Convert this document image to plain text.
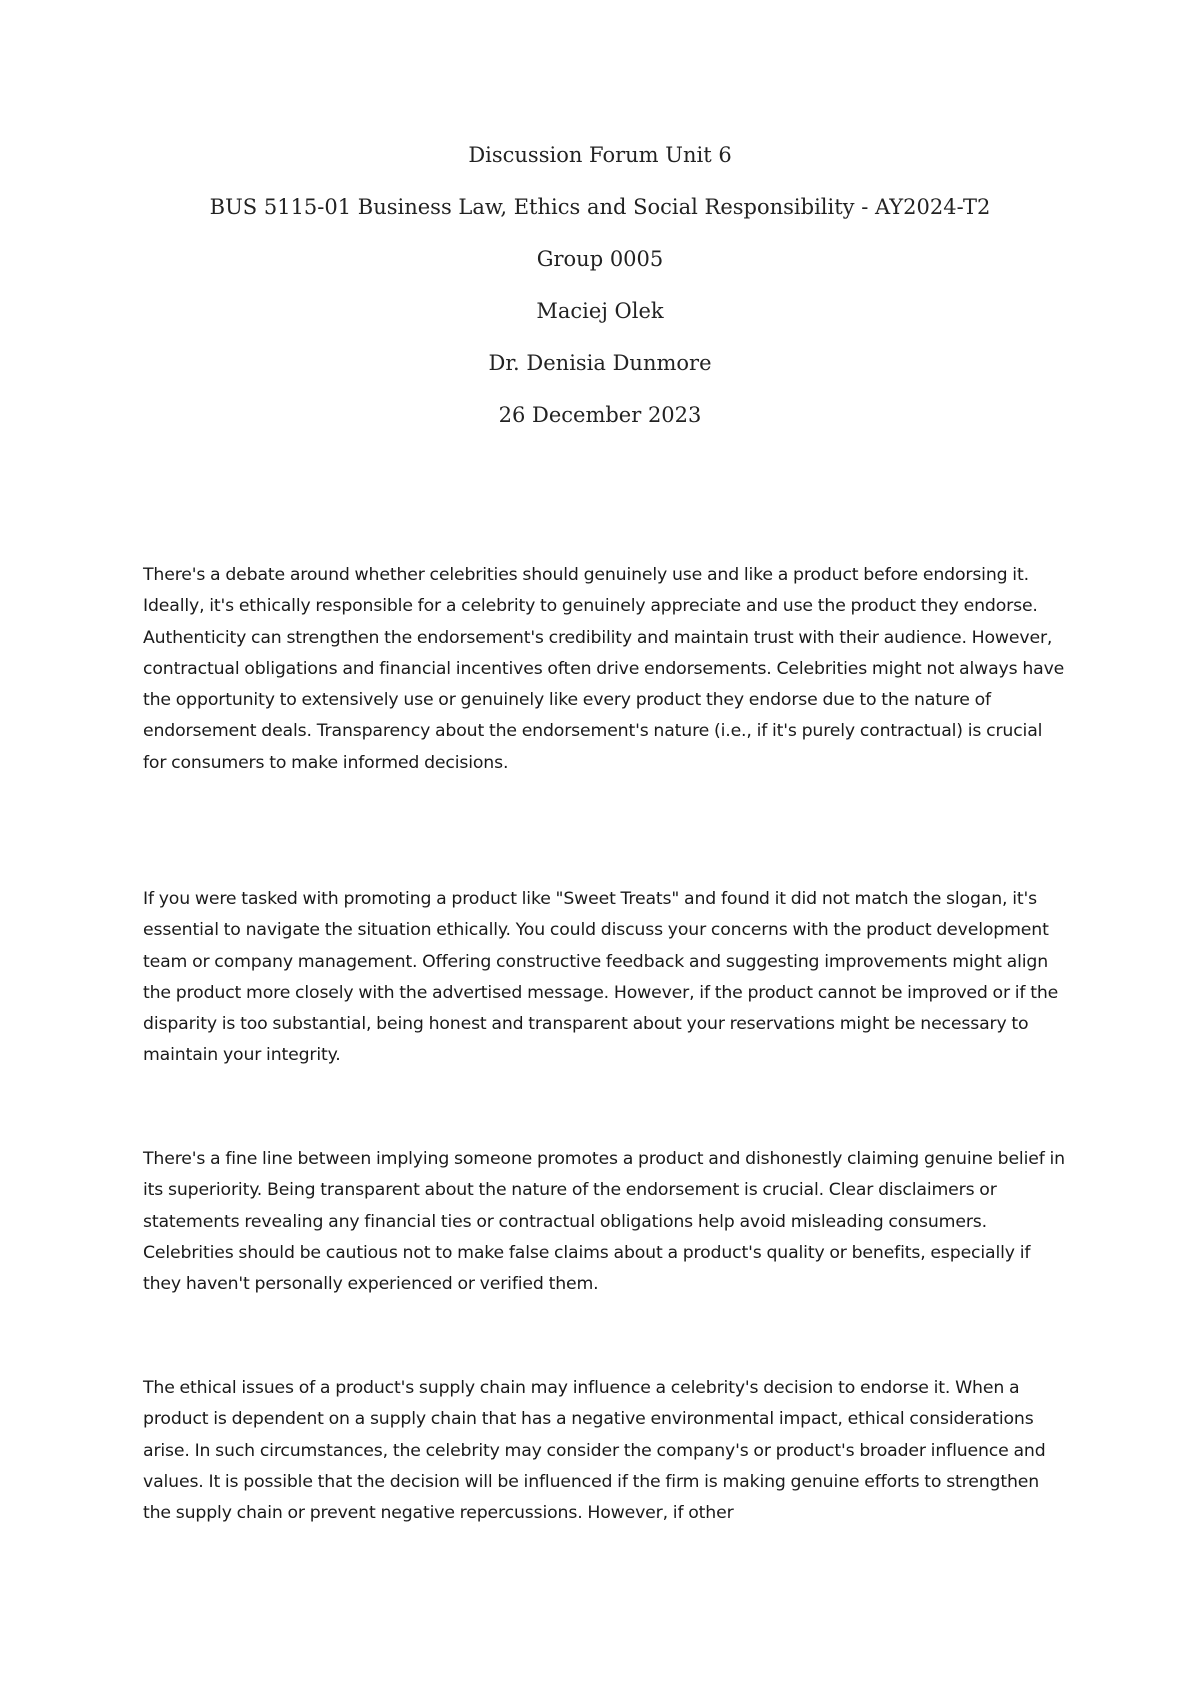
Discussion Forum Unit 6

BUS 5115-01 Business Law, Ethics and Social Responsibility - AY2024-T2

Group 0005

Maciej Olek

Dr. Denisia Dunmore

26 December 2023

There's a debate around whether celebrities should genuinely use and like a product before endorsing it. Ideally, it's ethically responsible for a celebrity to genuinely appreciate and use the product they endorse. Authenticity can strengthen the endorsement's credibility and maintain trust with their audience. However, contractual obligations and financial incentives often drive endorsements. Celebrities might not always have the opportunity to extensively use or genuinely like every product they endorse due to the nature of endorsement deals. Transparency about the endorsement's nature (i.e., if it's purely contractual) is crucial for consumers to make informed decisions.

If you were tasked with promoting a product like "Sweet Treats" and found it did not match the slogan, it's essential to navigate the situation ethically. You could discuss your concerns with the product development team or company management. Offering constructive feedback and suggesting improvements might align the product more closely with the advertised message. However, if the product cannot be improved or if the disparity is too substantial, being honest and transparent about your reservations might be necessary to maintain your integrity.

There's a fine line between implying someone promotes a product and dishonestly claiming genuine belief in its superiority. Being transparent about the nature of the endorsement is crucial. Clear disclaimers or statements revealing any financial ties or contractual obligations help avoid misleading consumers. Celebrities should be cautious not to make false claims about a product's quality or benefits, especially if they haven't personally experienced or verified them.

The ethical issues of a product's supply chain may influence a celebrity's decision to endorse it. When a product is dependent on a supply chain that has a negative environmental impact, ethical considerations arise. In such circumstances, the celebrity may consider the company's or product's broader influence and values. It is possible that the decision will be influenced if the firm is making genuine efforts to strengthen the supply chain or prevent negative repercussions. However, if other
